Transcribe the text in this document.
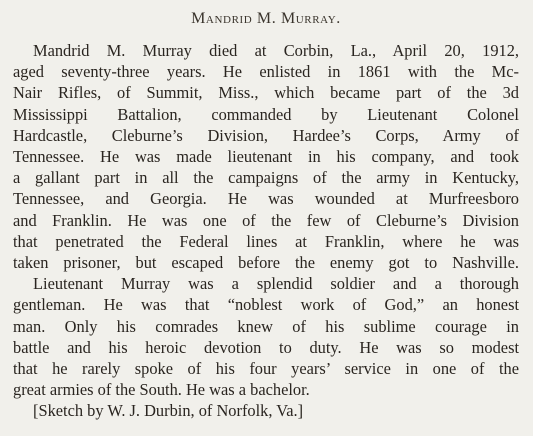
Mandrid M. Murray.
Mandrid M. Murray died at Corbin, La., April 20, 1912,
aged seventy-three years. He enlisted in 1861 with the Mc-
Nair Rifles, of Summit, Miss., which became part of the 3d
Mississippi Battalion, commanded by Lieutenant Colonel
Hardcastle, Cleburne’s Division, Hardee’s Corps, Army of
Tennessee. He was made lieutenant in his company, and took
a gallant part in all the campaigns of the army in Kentucky,
Tennessee, and Georgia. He was wounded at Murfreesboro
and Franklin. He was one of the few of Cleburne’s Division
that penetrated the Federal lines at Franklin, where he was
taken prisoner, but escaped before the enemy got to Nashville.
Lieutenant Murray was a splendid soldier and a thorough
gentleman. He was that “noblest work of God,” an honest
man. Only his comrades knew of his sublime courage in
battle and his heroic devotion to duty. He was so modest
that he rarely spoke of his four years’ service in one of the
great armies of the South. He was a bachelor.
[Sketch by W. J. Durbin, of Norfolk, Va.]
